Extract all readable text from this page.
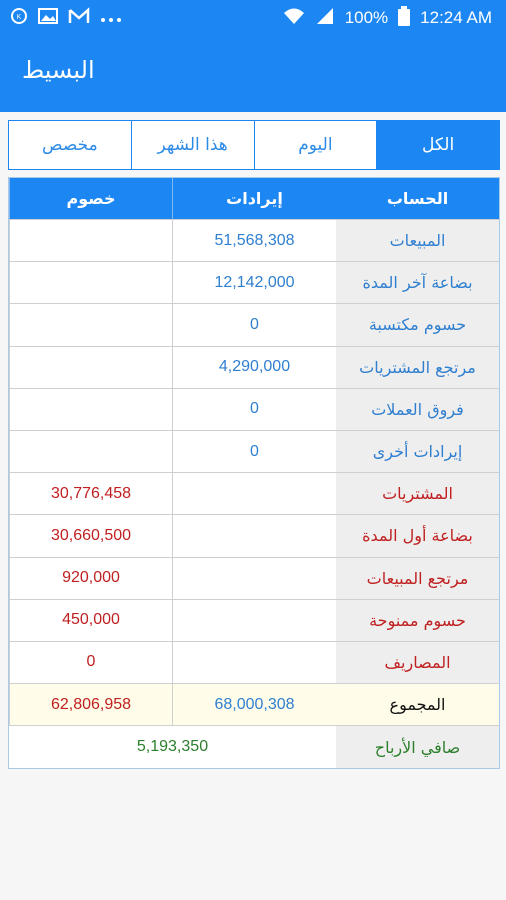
K	100% 12:24 AM
البسيط
الكل
اليوم
هذا الشهر
مخصص
الحساب
إيرادات
خصوم
المبيعات
51,568,308
بضاعة آخر المدة
12,142,000
حسوم مكتسبة
0
مرتجع المشتريات
4,290,000
فروق العملات
0
إيرادات أخرى
0
المشتريات
30,776,458
بضاعة أول المدة
30,660,500
مرتجع المبيعات
920,000
حسوم ممنوحة
450,000
المصاريف
0
المجموع
68,000,308
62,806,958
صافي الأرباح
5,193,350
